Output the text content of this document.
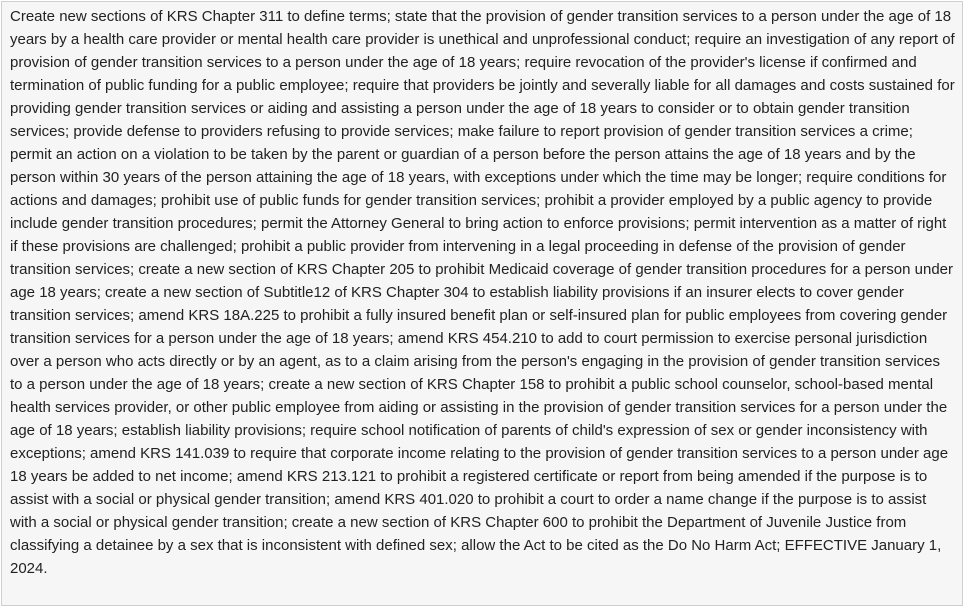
Create new sections of KRS Chapter 311 to define terms; state that the provision of gender transition services to a person under the age of 18 years by a health care provider or mental health care provider is unethical and unprofessional conduct; require an investigation of any report of provision of gender transition services to a person under the age of 18 years; require revocation of the provider's license if confirmed and termination of public funding for a public employee; require that providers be jointly and severally liable for all damages and costs sustained for providing gender transition services or aiding and assisting a person under the age of 18 years to consider or to obtain gender transition services; provide defense to providers refusing to provide services; make failure to report provision of gender transition services a crime; permit an action on a violation to be taken by the parent or guardian of a person before the person attains the age of 18 years and by the person within 30 years of the person attaining the age of 18 years, with exceptions under which the time may be longer; require conditions for actions and damages; prohibit use of public funds for gender transition services; prohibit a provider employed by a public agency to provide include gender transition procedures; permit the Attorney General to bring action to enforce provisions; permit intervention as a matter of right if these provisions are challenged; prohibit a public provider from intervening in a legal proceeding in defense of the provision of gender transition services; create a new section of KRS Chapter 205 to prohibit Medicaid coverage of gender transition procedures for a person under age 18 years; create a new section of Subtitle12 of KRS Chapter 304 to establish liability provisions if an insurer elects to cover gender transition services; amend KRS 18A.225 to prohibit a fully insured benefit plan or self-insured plan for public employees from covering gender transition services for a person under the age of 18 years; amend KRS 454.210 to add to court permission to exercise personal jurisdiction over a person who acts directly or by an agent, as to a claim arising from the person's engaging in the provision of gender transition services to a person under the age of 18 years; create a new section of KRS Chapter 158 to prohibit a public school counselor, school-based mental health services provider, or other public employee from aiding or assisting in the provision of gender transition services for a person under the age of 18 years; establish liability provisions; require school notification of parents of child's expression of sex or gender inconsistency with exceptions; amend KRS 141.039 to require that corporate income relating to the provision of gender transition services to a person under age 18 years be added to net income; amend KRS 213.121 to prohibit a registered certificate or report from being amended if the purpose is to assist with a social or physical gender transition; amend KRS 401.020 to prohibit a court to order a name change if the purpose is to assist with a social or physical gender transition; create a new section of KRS Chapter 600 to prohibit the Department of Juvenile Justice from classifying a detainee by a sex that is inconsistent with defined sex; allow the Act to be cited as the Do No Harm Act; EFFECTIVE January 1, 2024.
